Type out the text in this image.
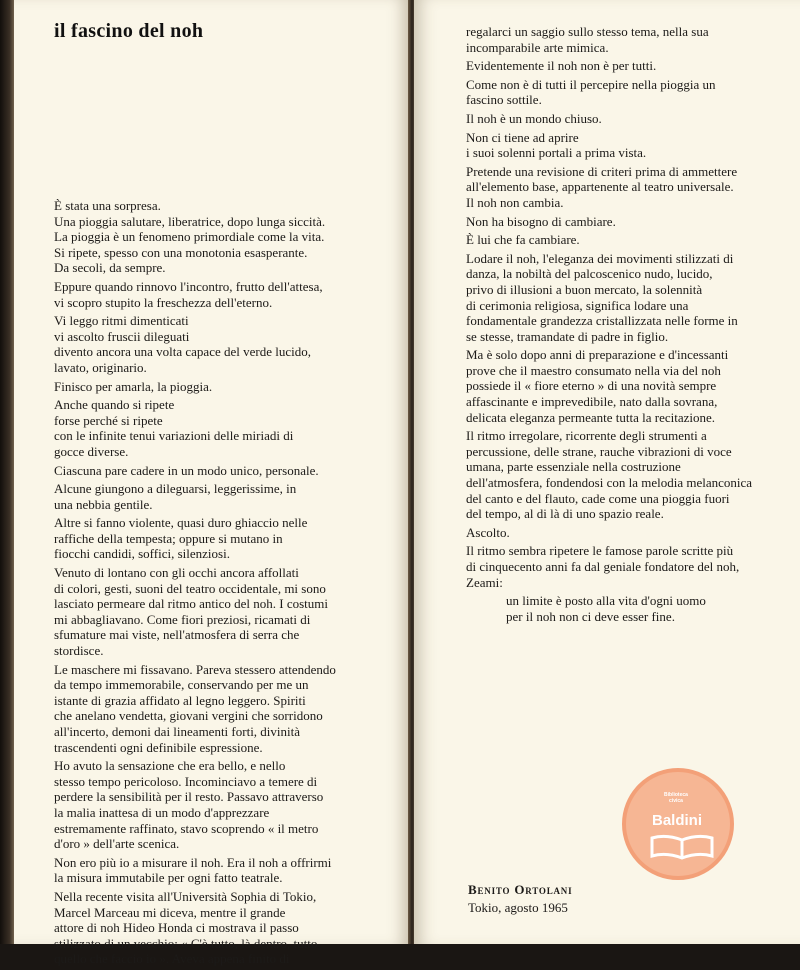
il fascino del noh
È stata una sorpresa.
Una pioggia salutare, liberatrice, dopo lunga siccità.
La pioggia è un fenomeno primordiale come la vita.
Si ripete, spesso con una monotonia esasperante.
Da secoli, da sempre.
Eppure quando rinnovo l'incontro, frutto dell'attesa,
vi scopro stupito la freschezza dell'eterno.
Vi leggo ritmi dimenticati
vi ascolto fruscii dileguati
divento ancora una volta capace del verde lucido,
lavato, originario.
Finisco per amarla, la pioggia.
Anche quando si ripete
forse perché si ripete
con le infinite tenui variazioni delle miriadi di
gocce diverse.
Ciascuna pare cadere in un modo unico, personale.
Alcune giungono a dileguarsi, leggerissime, in
una nebbia gentile.
Altre si fanno violente, quasi duro ghiaccio nelle
raffiche della tempesta; oppure si mutano in
fiocchi candidi, soffici, silenziosi.
Venuto di lontano con gli occhi ancora affollati
di colori, gesti, suoni del teatro occidentale, mi sono
lasciato permeare dal ritmo antico del noh. I costumi
mi abbagliavano. Come fiori preziosi, ricamati di
sfumature mai viste, nell'atmosfera di serra che
stordisce.
Le maschere mi fissavano. Pareva stessero attendendo
da tempo immemorabile, conservando per me un
istante di grazia affidato al legno leggero. Spiriti
che anelano vendetta, giovani vergini che sorridono
all'incerto, demoni dai lineamenti forti, divinità
trascendenti ogni definibile espressione.
Ho avuto la sensazione che era bello, e nello
stesso tempo pericoloso. Incominciavo a temere di
perdere la sensibilità per il resto. Passavo attraverso
la malia inattesa di un modo d'apprezzare
estremamente raffinato, stavo scoprendo « il metro
d'oro » dell'arte scenica.
Non ero più io a misurare il noh. Era il noh a offrirmi
la misura immutabile per ogni fatto teatrale.
Nella recente visita all'Università Sophia di Tokio,
Marcel Marceau mi diceva, mentre il grande
attore di noh Hideo Honda ci mostrava il passo
stilizzato di un vecchio: « C'è tutto, là dentro, tutto
quello che faccio io ». Aveva appena finito di
regalarci un saggio sullo stesso tema, nella sua
incomparabile arte mimica.
Evidentemente il noh non è per tutti.
Come non è di tutti il percepire nella pioggia un
fascino sottile.
Il noh è un mondo chiuso.
Non ci tiene ad aprire
i suoi solenni portali a prima vista.
Pretende una revisione di criteri prima di ammettere
all'elemento base, appartenente al teatro universale.
Il noh non cambia.
Non ha bisogno di cambiare.
È lui che fa cambiare.
Lodare il noh, l'eleganza dei movimenti stilizzati di
danza, la nobiltà del palcoscenico nudo, lucido,
privo di illusioni a buon mercato, la solennità
di cerimonia religiosa, significa lodare una
fondamentale grandezza cristallizzata nelle forme in
se stesse, tramandate di padre in figlio.
Ma è solo dopo anni di preparazione e d'incessanti
prove che il maestro consumato nella via del noh
possiede il « fiore eterno » di una novità sempre
affascinante e imprevedibile, nato dalla sovrana,
delicata eleganza permeante tutta la recitazione.
Il ritmo irregolare, ricorrente degli strumenti a
percussione, delle strane, rauche vibrazioni di voce
umana, parte essenziale nella costruzione
dell'atmosfera, fondendosi con la melodia melanconica
del canto e del flauto, cade come una pioggia fuori
del tempo, al di là di uno spazio reale.
Ascolto.
Il ritmo sembra ripetere le famose parole scritte più
di cinquecento anni fa dal geniale fondatore del noh,
Zeami:
un limite è posto alla vita d'ogni uomo
per il noh non ci deve esser fine.
Biblioteca civica
Baldini
Benito Ortolani
Tokio, agosto 1965
